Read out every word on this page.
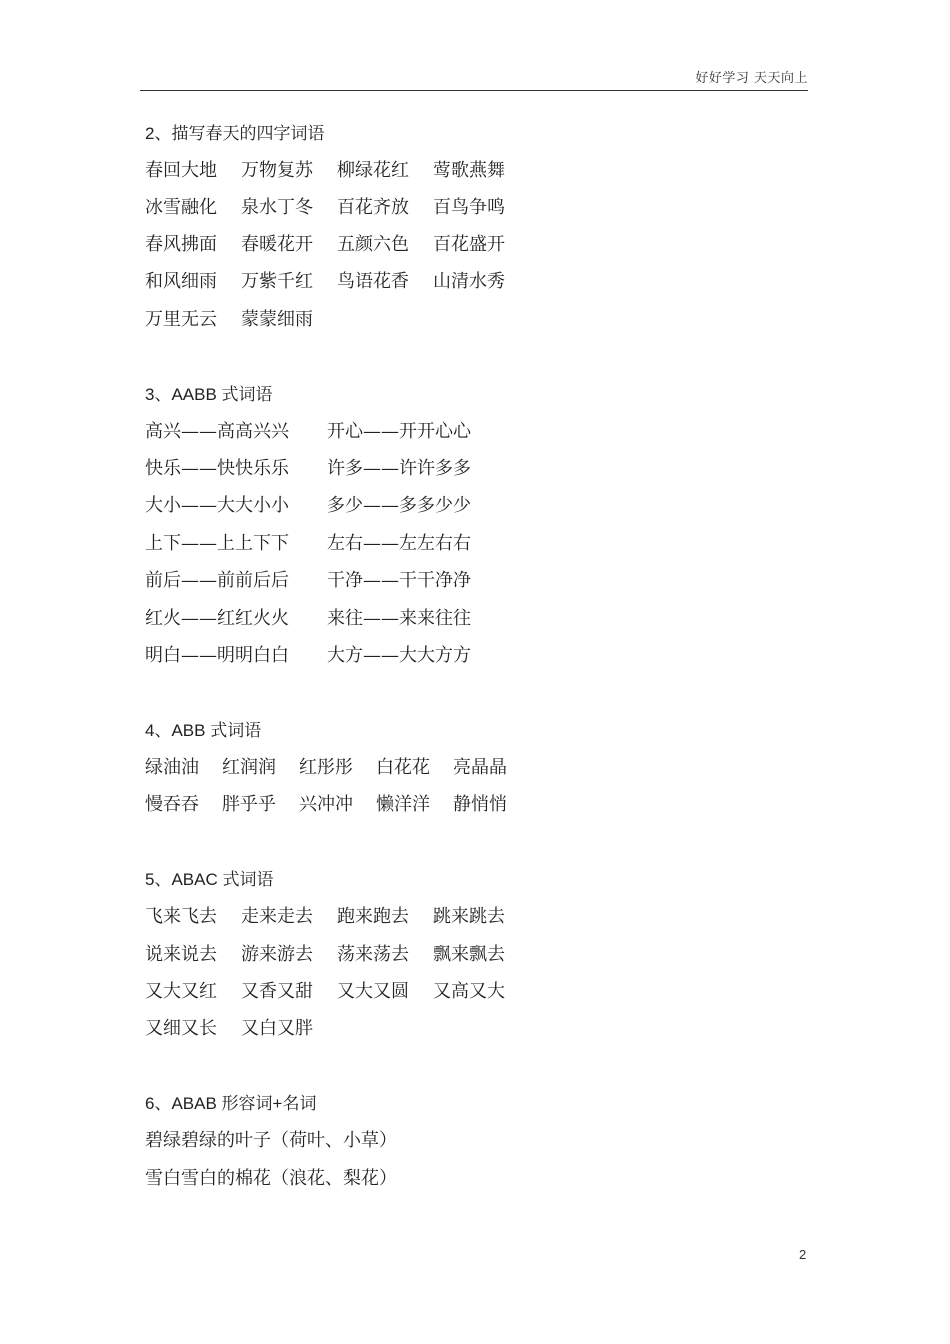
好好学习 天天向上
2、描写春天的四字词语
春回大地 万物复苏 柳绿花红 莺歌燕舞
冰雪融化 泉水丁冬 百花齐放 百鸟争鸣
春风拂面 春暖花开 五颜六色 百花盛开
和风细雨 万紫千红 鸟语花香 山清水秀
万里无云 蒙蒙细雨
3、AABB 式词语
高兴——高高兴兴 开心——开开心心
快乐——快快乐乐 许多——许许多多
大小——大大小小 多少——多多少少
上下——上上下下 左右——左左右右
前后——前前后后 干净——干干净净
红火——红红火火 来往——来来往往
明白——明明白白 大方——大大方方
4、ABB 式词语
绿油油 红润润 红彤彤 白花花 亮晶晶
慢吞吞 胖乎乎 兴冲冲 懒洋洋 静悄悄
5、ABAC 式词语
飞来飞去 走来走去 跑来跑去 跳来跳去
说来说去 游来游去 荡来荡去 飘来飘去
又大又红 又香又甜 又大又圆 又高又大
又细又长 又白又胖
6、ABAB 形容词+名词
碧绿碧绿的叶子（荷叶、小草）
雪白雪白的棉花（浪花、梨花）
2
